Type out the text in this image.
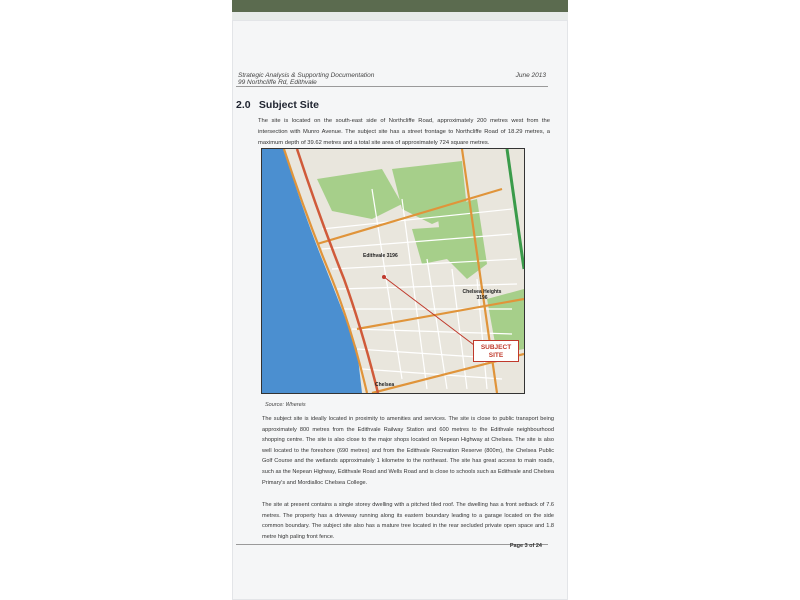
Strategic Analysis & Supporting Documentation
99 Northcliffe Rd, Edithvale
June 2013
2.0 Subject Site
The site is located on the south-east side of Northcliffe Road, approximately 200 metres west from the intersection with Munro Avenue. The subject site has a street frontage to Northcliffe Road of 18.29 metres, a maximum depth of 39.62 metres and a total site area of approximately 724 square metres.
Edithvale 3196
Chelsea Heights 3196
Chelsea
SUBJECT SITE
Source: Whereis
The subject site is ideally located in proximity to amenities and services. The site is close to public transport being approximately 800 metres from the Edithvale Railway Station and 600 metres to the Edithvale neighbourhood shopping centre. The site is also close to the major shops located on Nepean Highway at Chelsea. The site is also well located to the foreshore (690 metres) and from the Edithvale Recreation Reserve (800m), the Chelsea Public Golf Course and the wetlands approximately 1 kilometre to the northeast. The site has great access to main roads, such as the Nepean Highway, Edithvale Road and Wells Road and is close to schools such as Edithvale and Chelsea Primary's and Mordialloc Chelsea College.
The site at present contains a single storey dwelling with a pitched tiled roof. The dwelling has a front setback of 7.6 metres. The property has a driveway running along its eastern boundary leading to a garage located on the side common boundary. The subject site also has a mature tree located in the rear secluded private open space and 1.8 metre high paling front fence.
Page 3 of 24
